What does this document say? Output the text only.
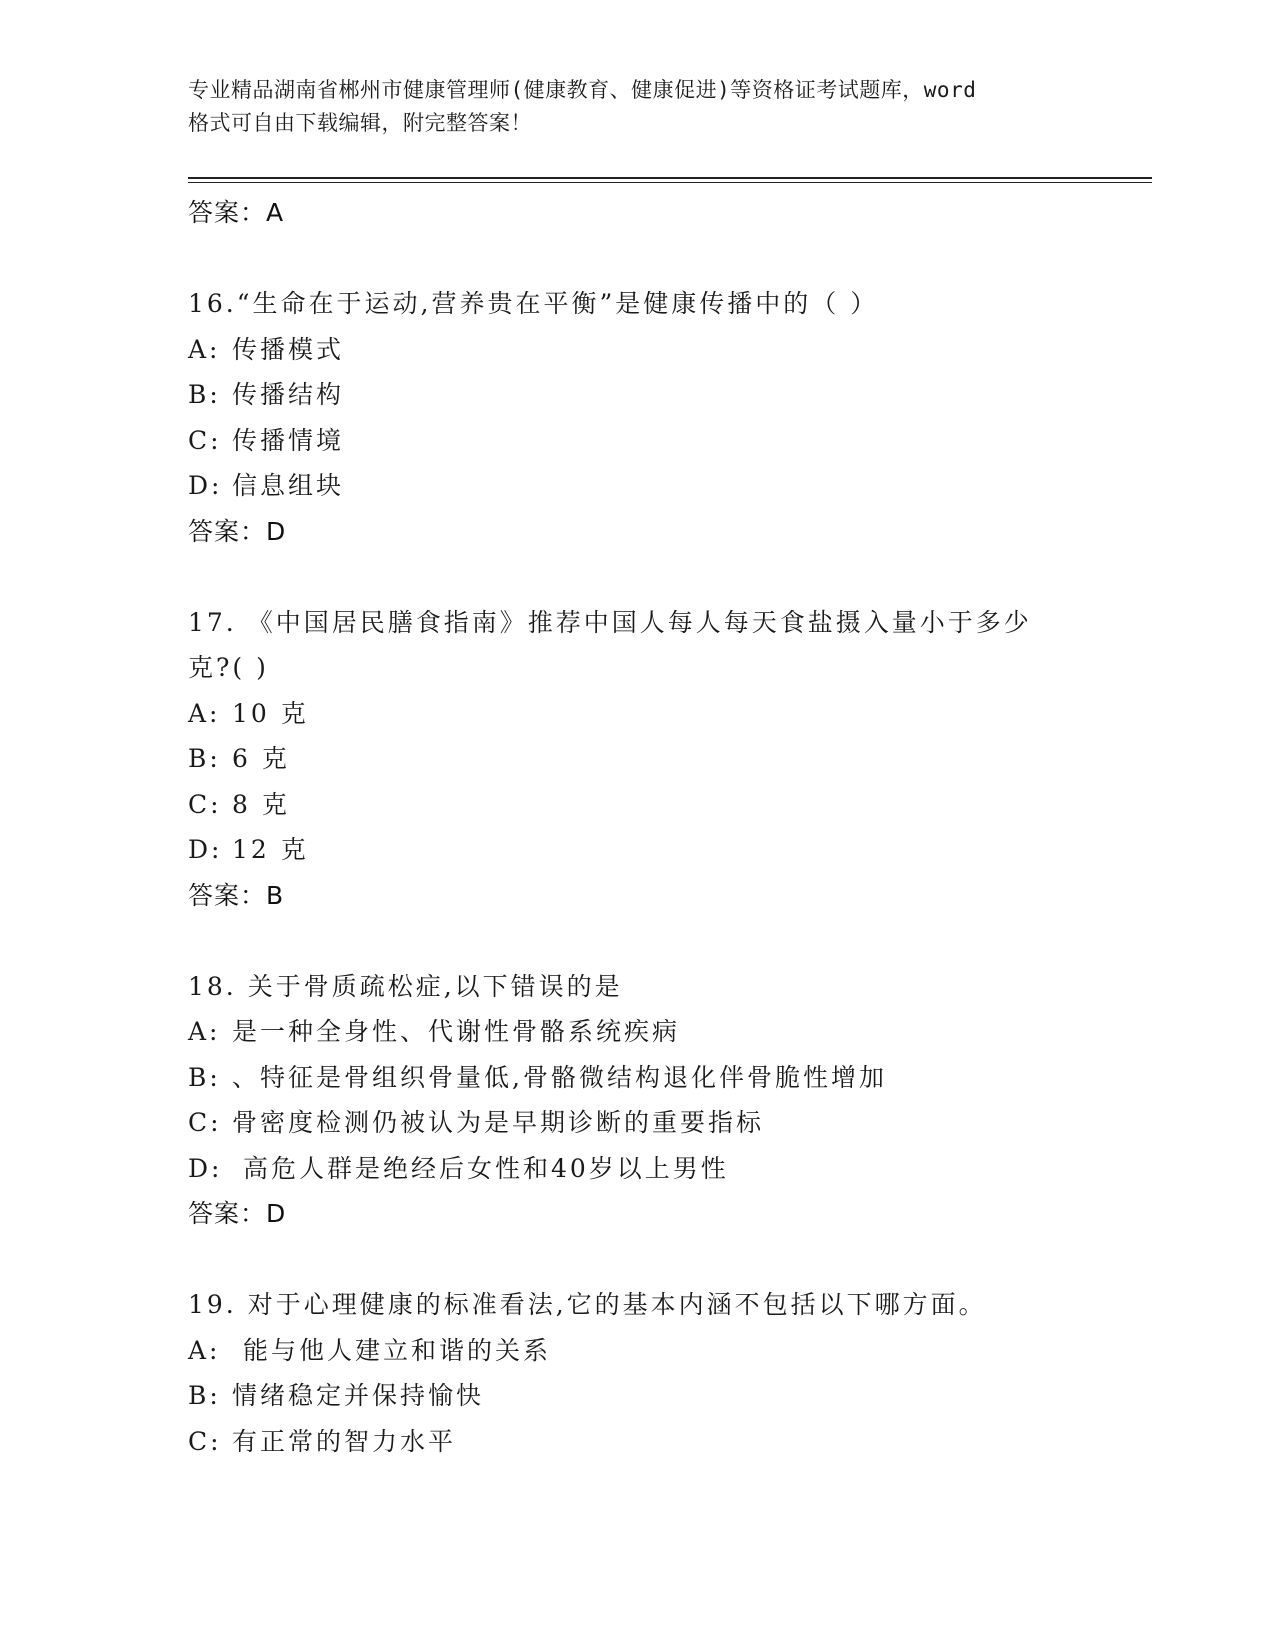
专业精品湖南省郴州市健康管理师(健康教育、健康促进)等资格证考试题库，word
格式可自由下载编辑，附完整答案！
答案：A
16.“生命在于运动,营养贵在平衡”是健康传播中的（ ）
A: 传播模式
B: 传播结构
C: 传播情境
D: 信息组块
答案：D
17. 《中国居民膳食指南》推荐中国人每人每天食盐摄入量小于多少
克?( )
A: 10 克
B: 6 克
C: 8 克
D: 12 克
答案：B
18. 关于骨质疏松症,以下错误的是
A: 是一种全身性、代谢性骨骼系统疾病
B: 、特征是骨组织骨量低,骨骼微结构退化伴骨脆性增加
C: 骨密度检测仍被认为是早期诊断的重要指标
D: 高危人群是绝经后女性和40岁以上男性
答案：D
19. 对于心理健康的标准看法,它的基本内涵不包括以下哪方面。
A: 能与他人建立和谐的关系
B: 情绪稳定并保持愉快
C: 有正常的智力水平
